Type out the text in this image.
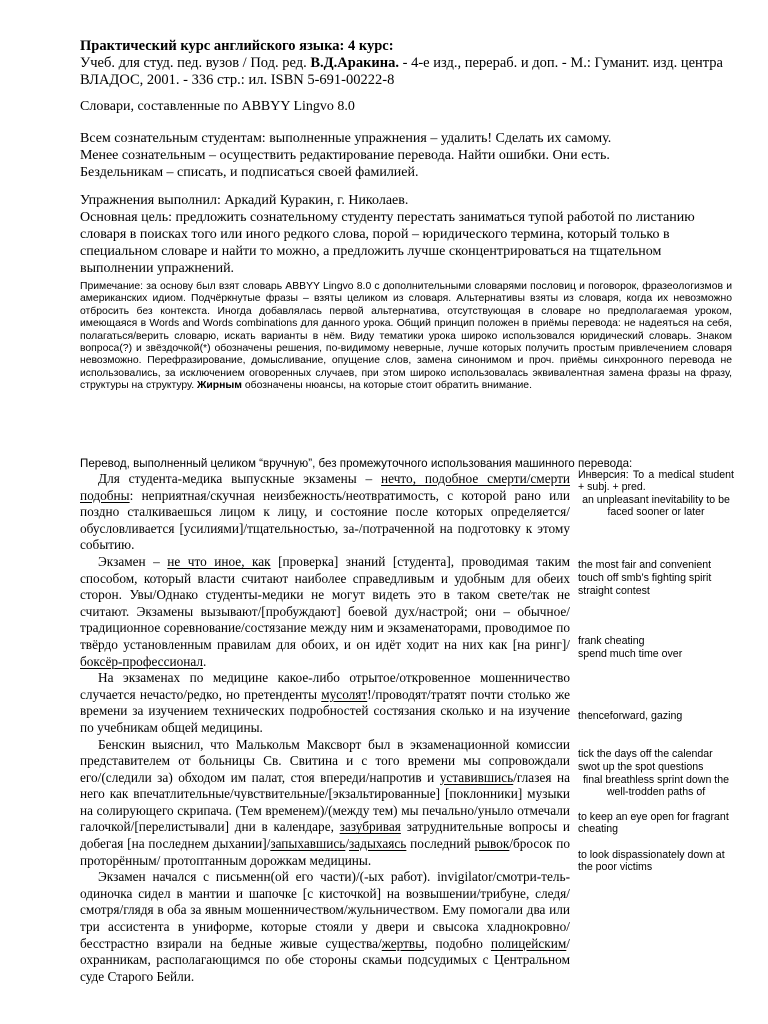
Практический курс английского языка: 4 курс:

Учеб. для студ. пед. вузов / Под. ред. В.Д.Аракина. - 4-е изд., перераб. и доп. - М.: Гуманит. изд. центра ВЛАДОС, 2001. - 336 стр.: ил. ISBN 5-691-00222-8

Словари, составленные по ABBYY Lingvo 8.0

Всем сознательным студентам: выполненные упражнения – удалить! Сделать их самому.

Менее сознательным – осуществить редактирование перевода. Найти ошибки. Они есть.

Бездельникам – списать, и подписаться своей фамилией.

Упражнения выполнил: Аркадий Куракин, г. Николаев.

Основная цель: предложить сознательному студенту перестать заниматься тупой работой по листанию словаря в поисках того или иного редкого слова, порой – юридического термина, который только в специальном словаре и найти то можно, а предложить лучше сконцентрироваться на тщательном выполнении упражнений.

Примечание: за основу был взят словарь ABBYY Lingvo 8.0 с дополнительными словарями пословиц и поговорок, фразеологизмов и американских идиом. Подчёркнутые фразы – взяты целиком из словаря. Альтернативы взяты из словаря, когда их невозможно отбросить без контекста. Иногда добавлялась первой альтернатива, отсутствующая в словаре но предполагаемая уроком, имеющаяся в Words and Words combinations для данного урока. Общий принцип положен в приёмы перевода: не надеяться на себя, полагаться/верить словарю, искать варианты в нём. Виду тематики урока широко использовался юридический словарь. Знаком вопроса(?) и звёздочкой(*) обозначены решения, по-видимому неверные, лучше которых получить простым привлечением словаря невозможно. Перефразирование, домысливание, опущение слов, замена синонимом и проч. приёмы синхронного перевода не использовались, за исключением оговоренных случаев, при этом широко использовалась эквивалентная замена фразы на фразу, структуры на структуру. Жирным обозначены нюансы, на которые стоит обратить внимание.

Перевод, выполненный целиком “вручную”, без промежуточного использования машинного перевода:

Для студента-медика выпускные экзамены – нечто, подобное смерти/смерти подобны: неприятная/скучная неизбежность/неотвратимость, с которой рано или поздно сталкиваешься лицом к лицу, и состояние после которых определяется/ обусловливается [усилиями]/тщательностью, за-/потраченной на подготовку к этому событию.

Экзамен – не что иное, как [проверка] знаний [студента], проводимая таким способом, который власти считают наиболее справедливым и удобным для обеих сторон. Увы/Однако студенты-медики не могут видеть это в таком свете/так не считают. Экзамены вызывают/[пробуждают] боевой дух/настрой; они – обычное/традиционное соревнование/состязание между ним и экзаменаторами, проводимое по твёрдо установленным правилам для обоих, и он идёт ходит на них как [на ринг]/боксёр-профессионал.

На экзаменах по медицине какое-либо отрытое/откровенное мошенничество случается нечасто/редко, но претенденты мусолят!/проводят/тратят почти столько же времени за изучением технических подробностей состязания сколько и на изучение по учебникам общей медицины.

Бенскин выяснил, что Малькольм Максворт был в экзаменационной комиссии представителем от больницы Св. Свитина и с того времени мы сопровождали его/(следили за) обходом им палат, стоя впереди/напротив и уставившись/глазея на него как впечатлительные/чувствительные/[экзальтированные] [поклонники] музыки на солирующего скрипача. (Тем временем)/(между тем) мы печально/уныло отмечали галочкой/[перелистывали] дни в календаре, зазубривая затруднительные вопросы и добегая [на последнем дыхании]/запыхавшись/задыхаясь последний рывок/бросок по проторённым/ протоптанным дорожкам медицины.

Экзамен начался с письменн(ой его части)/(-ых работ). invigilator/смотри-тель-одиночка сидел в мантии и шапочке [с кисточкой] на возвышении/трибуне, следя/смотря/глядя в оба за явным мошенничеством/жульничеством. Ему помогали два или три ассистента в униформе, которые стояли у двери и свысока хладнокровно/бесстрастно взирали на бедные живые существа/жертвы, подобно полицейским/охранникам, располагающимся по обе стороны скамьи подсудимых с Центральном суде Старого Бейли.

Инверсия: To a medical student + subj. + pred.

an unpleasant inevitability to be faced sooner or later

the most fair and convenient

touch off smb’s fighting spirit

straight contest

frank cheating

spend much time over

thenceforward, gazing

tick the days off the calendar

swot up the spot questions

final breathless sprint down the well-trodden paths of

to keep an eye open for fragrant cheating

to look dispassionately down at the poor victims
